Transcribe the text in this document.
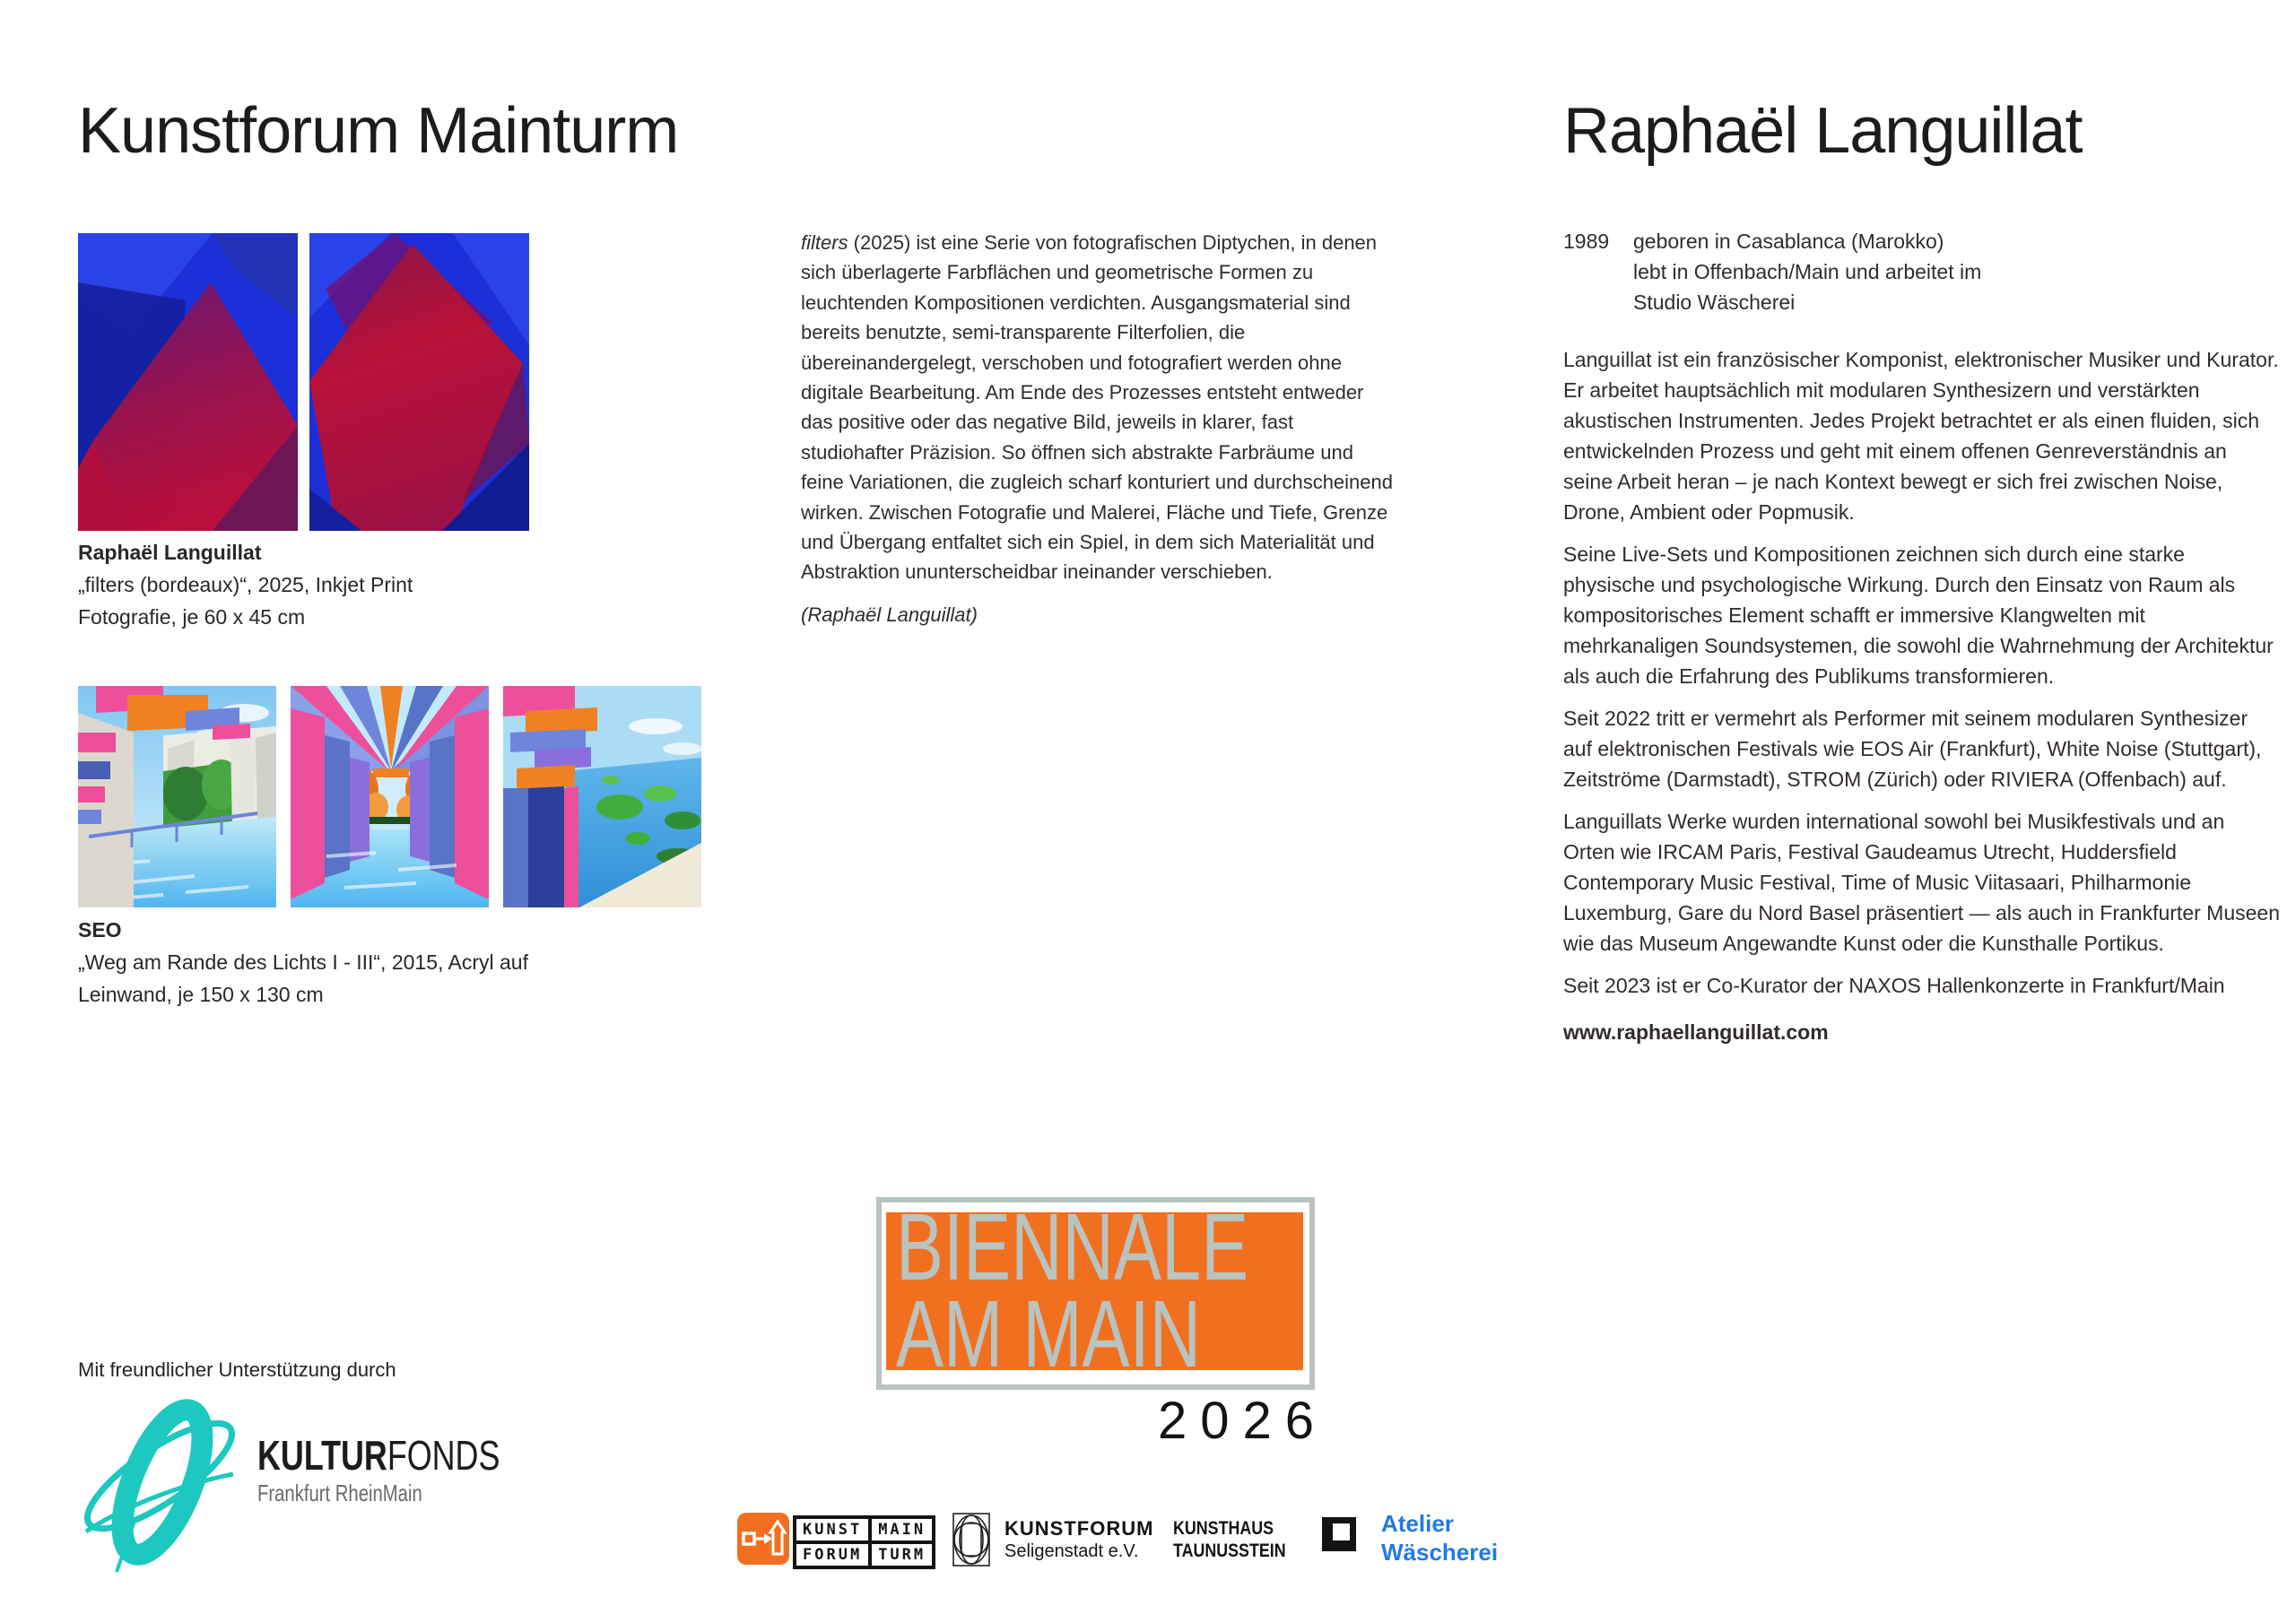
Kunstforum Mainturm	Raphaël Languillat
Raphaël Languillat
„filters (bordeaux)“, 2025, Inkjet Print
Fotografie, je 60 x 45 cm
SEO
„Weg am Rande des Lichts I - III“, 2015, Acryl auf
Leinwand, je 150 x 130 cm
filters (2025) ist eine Serie von fotografischen Diptychen, in denen sich überlagerte Farbflächen und geometrische Formen zu leuchtenden Kompositionen verdichten. Ausgangsmaterial sind bereits benutzte, semi-transparente Filterfolien, die übereinandergelegt, verschoben und fotografiert werden ohne digitale Bearbeitung. Am Ende des Prozesses entsteht entweder das positive oder das negative Bild, jeweils in klarer, fast studiohafter Präzision. So öffnen sich abstrakte Farbräume und feine Variationen, die zugleich scharf konturiert und durchscheinend wirken. Zwischen Fotografie und Malerei, Fläche und Tiefe, Grenze und Übergang entfaltet sich ein Spiel, in dem sich Materialität und Abstraktion ununterscheidbar ineinander verschieben.
(Raphaël Languillat)
1989	geboren in Casablanca (Marokko)
lebt in Offenbach/Main und arbeitet im
Studio Wäscherei

Languillat ist ein französischer Komponist, elektronischer Musiker und Kurator. Er arbeitet hauptsächlich mit modularen Synthesizern und verstärkten akustischen Instrumenten. Jedes Projekt betrachtet er als einen fluiden, sich entwickelnden Prozess und geht mit einem offenen Genreverständnis an seine Arbeit heran – je nach Kontext bewegt er sich frei zwischen Noise, Drone, Ambient oder Popmusik.

Seine Live-Sets und Kompositionen zeichnen sich durch eine starke physische und psychologische Wirkung. Durch den Einsatz von Raum als kompositorisches Element schafft er immersive Klangwelten mit mehrkanaligen Soundsystemen, die sowohl die Wahrnehmung der Architektur als auch die Erfahrung des Publikums transformieren.

Seit 2022 tritt er vermehrt als Performer mit seinem modularen Synthesizer auf elektronischen Festivals wie EOS Air (Frankfurt), White Noise (Stuttgart), Zeitströme (Darmstadt), STROM (Zürich) oder RIVIERA (Offenbach) auf.

Languillats Werke wurden international sowohl bei Musikfestivals und an Orten wie IRCAM Paris, Festival Gaudeamus Utrecht, Huddersfield Contemporary Music Festival, Time of Music Viitasaari, Philharmonie Luxemburg, Gare du Nord Basel präsentiert — als auch in Frankfurter Museen wie das Museum Angewandte Kunst oder die Kunsthalle Portikus.

Seit 2023 ist er Co-Kurator der NAXOS Hallenkonzerte in Frankfurt/Main

www.raphaellanguillat.com
BIENNALE
AM MAIN
2026
Mit freundlicher Unterstützung durch
KULTURFONDS
Frankfurt RheinMain
KUNST	MAIN
FORUM	TURM
KUNSTFORUM
Seligenstadt e.V.
KUNSTHAUS
TAUNUSSTEIN
Atelier
Wäscherei
